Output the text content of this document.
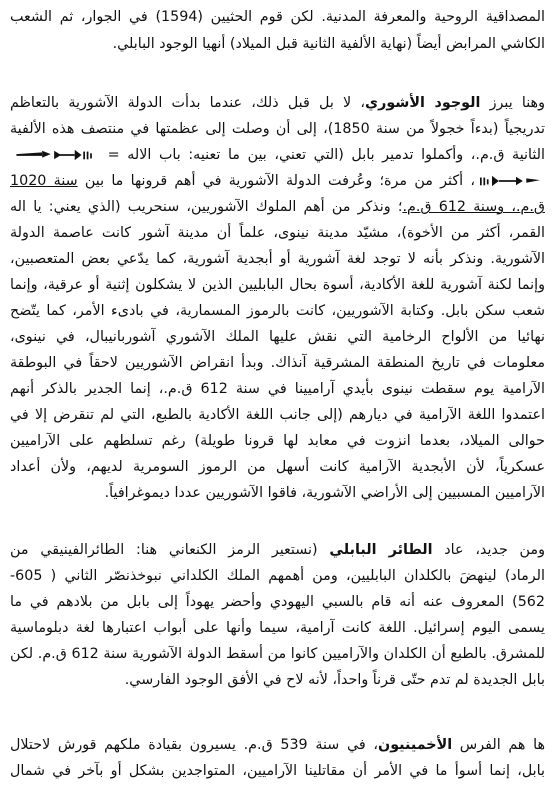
المصداقية الروحية والمعرفة المدنية. لكن قوم الحثيين (1594) في الجوار، ثم الشعب
الكاشي المرابض أيضاً (نهاية الألفية الثانية قبل الميلاد) أنهيا الوجود البابلي.
وهنا يبرز الوجود الأشوري، لا بل قبل ذلك، عندما بدأت الدولة الآشورية بالتعاظم
تدريجياً (بدءاً خجولاً من سنة 1850)، إلى أن وصلت إلى عظمتها في منتصف هذه الألفية
الثانية ق.م.، وأكملوا تدمير بابل (التي تعني، بين ما تعنيه: باب الاله =
، أكثر من مرة؛ وعُرفت الدولة الآشورية في أهم قرونها ما بين سنة 1020
ق.م.، وسنة 612 ق.م.؛ ونذكر من أهم الملوك الآشوريين، سنحريب (الذي يعني: يا اله
القمر، أكثر من الأخوة)، مشيّد مدينة نينوى، علماً أن مدينة آشور كانت عاصمة الدولة
الآشورية. ونذكر بأنه لا توجد لغة آشورية أو أبجدية آشورية، كما يدّعي بعض المتعصبين،
وإنما لكنة آشورية للغة الأكادية، أسوة بحال البابليين الذين لا يشكلون إثنية أو عرقية، وإنما
شعب سكن بابل. وكتابة الآشوريين، كانت بالرموز المسمارية، في بادىء الأمر، كما يتّضح
نهائيا من الألواح الرخامية التي نقش عليها الملك الآشوري آشوربانيبال، في نينوى،
معلومات في تاريخ المنطقة المشرقية آنذاك. وبدأ انقراض الآشوريين لاحقاً في البوطقة
الآرامية يوم سقطت نينوى بأيدي آراميينا في سنة 612 ق.م.، إنما الجدير بالذكر أنهم
اعتمدوا اللغة الآرامية في ديارهم (إلى جانب اللغة الأكادية بالطبع، التي لم تنقرض إلا في
حوالى الميلاد، بعدما انزوت في معابد لها قرونا طويلة) رغم تسلطهم على الآراميين
عسكرياً، لأن الأبجدية الآرامية كانت أسهل من الرموز السومرية لديهم، ولأن أعداد
الآراميين المسبيين إلى الأراضي الآشورية، فاقوا الآشوريين عددا ديموغرافياً.
ومن جديد، عاد الطائر البابلي (نستعير الرمز الكنعاني هنا: الطائرالفينيقي من
الرماد) لينهضَ بالكلدان البابليين، ومن أهمهم الملك الكلداني نبوخذنصّر الثاني ( 605-
562) المعروف عنه أنه قام بالسبي اليهودي وأحضر يهوداً إلى بابل من بلادهم في ما
يسمى اليوم إسرائيل. اللغة كانت آرامية، سيما وأنها على أبواب اعتبارها لغة دبلوماسية
للمشرق. بالطبع أن الكلدان والآراميين كانوا من أسقط الدولة الآشورية سنة 612 ق.م. لكن
بابل الجديدة لم تدم حتّى قرناً واحداً، لأنه لاح في الأفق الوجود الفارسي.
ها هم الفرس الأخمينيون، في سنة 539 ق.م. يسيرون بقيادة ملكهم قورش لاحتلال
بابل، إنما أسوأ ما في الأمر أن مقاتلينا الآراميين، المتواجدين بشكل أو بآخر في شمال
